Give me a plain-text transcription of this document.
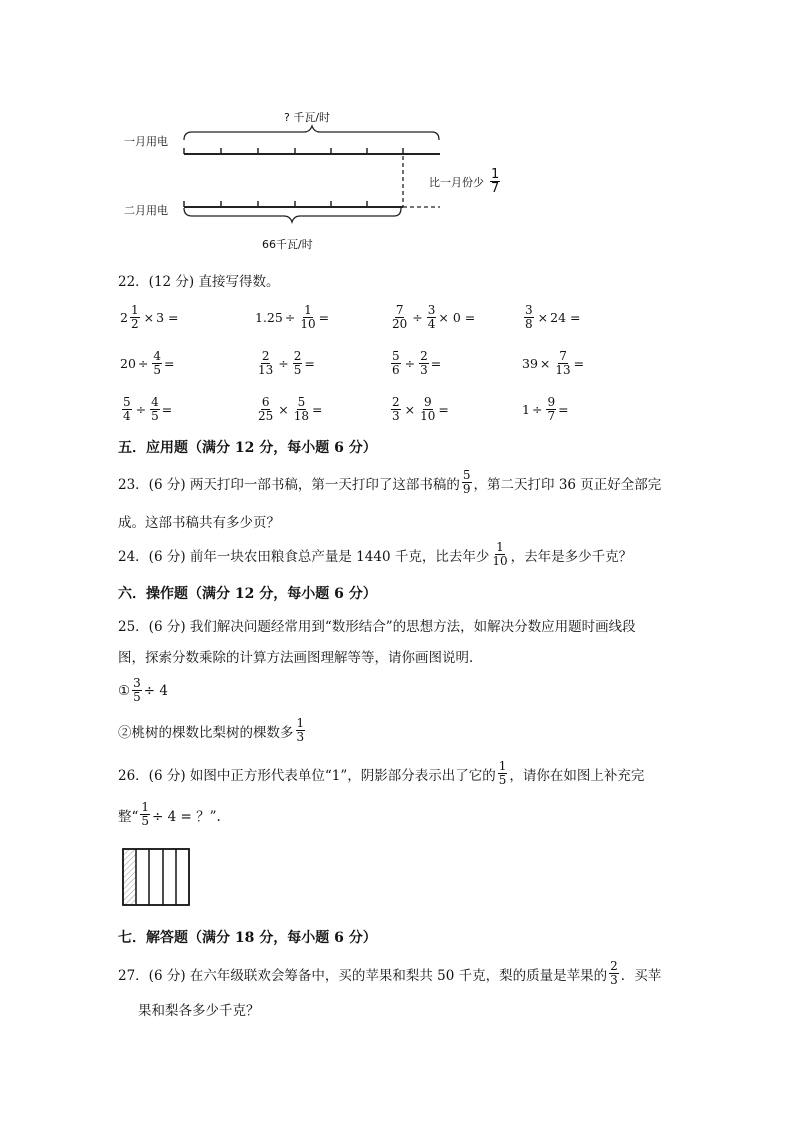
? 千瓦/时
一月用电
二月用电
66千瓦/时
比一月份少 $\frac{1}{7}$
22．(12 分) 直接写得数。
$2 \frac{1}{2} \times 3$ =	$1.25 \div \frac{1}{10}$ =	$\frac{7}{20} \div \frac{3}{4} \times 0$ =	$\frac{3}{8} \times 24$ =
$20 \div \frac{4}{5}$ =	$\frac{2}{13} \div \frac{2}{5}$ =	$\frac{5}{6} \div \frac{2}{3}$ =	$39 \times \frac{7}{13}$ =
$\frac{5}{4} \div \frac{4}{5}$ =	$\frac{6}{25} \times \frac{5}{18}$ =	$\frac{2}{3} \times \frac{9}{10}$ =	$1 \div \frac{9}{7}$ =
五．应用题（满分 12 分，每小题 6 分）
23．(6 分) 两天打印一部书稿，第一天打印了这部书稿的 $\frac{5}{9}$ ，第二天打印 36 页正好全部完
成。这部书稿共有多少页？
24．(6 分) 前年一块农田粮食总产量是 1440 千克，比去年少 $\frac{1}{10}$ ，去年是多少千克？
六．操作题（满分 12 分，每小题 6 分）
25．(6 分) 我们解决问题经常用到“数形结合”的思想方法，如解决分数应用题时画线段
图，探索分数乘除的计算方法画图理解等等，请你画图说明．
① $\frac{3}{5} \div 4$
②桃树的棵数比梨树的棵数多 $\frac{1}{3}$
26．(6 分) 如图中正方形代表单位“1”，阴影部分表示出了它的 $\frac{1}{5}$ ，请你在如图上补充完
整“ $\frac{1}{5} \div 4$ = ？”.
七．解答题（满分 18 分，每小题 6 分）
27．(6 分) 在六年级联欢会筹备中，买的苹果和梨共 50 千克，梨的质量是苹果的 $\frac{2}{3}$ ．买苹
果和梨各多少千克？
